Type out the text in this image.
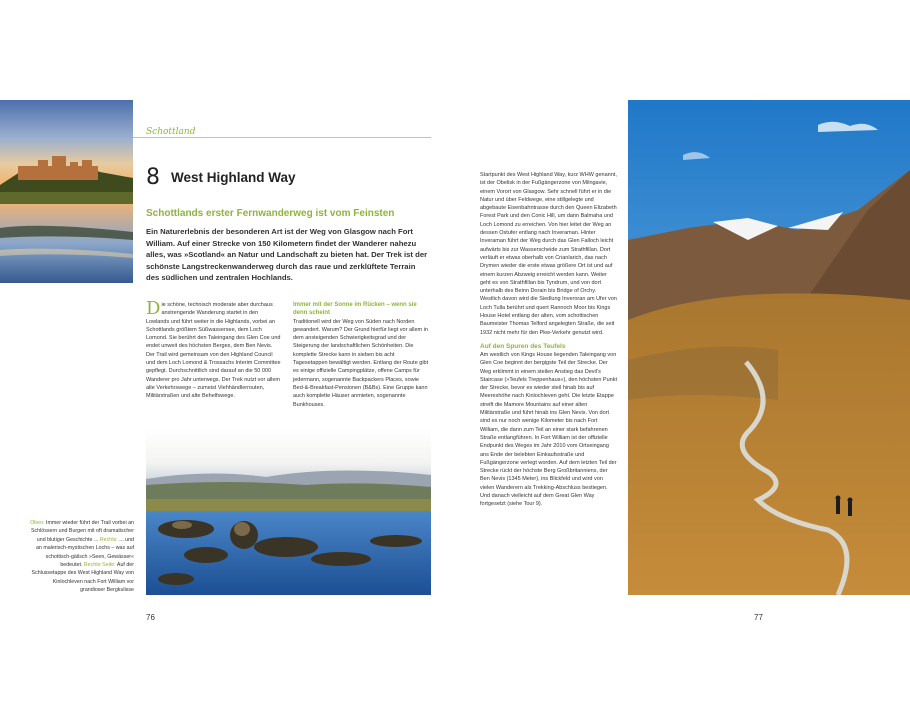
Schottland
8 West Highland Way
Schottlands erster Fernwanderweg ist vom Feinsten
Ein Naturerlebnis der besonderen Art ist der Weg von Glasgow nach Fort William. Auf einer Strecke von 150 Kilometern findet der Wanderer nahezu alles, was »Scotland« an Natur und Landschaft zu bieten hat. Der Trek ist der schönste Langstreckenwanderweg durch das raue und zerklüftete Terrain des südlichen und zentralen Hochlands.
Die schöne, technisch moderate aber durchaus anstrengende Wanderung startet in den Lowlands und führt weiter in die Highlands, vorbei an Schottlands größtem Süßwassersee, dem Loch Lomond. Sie berührt den Taleingang des Glen Coe und endet unweit des höchsten Berges, dem Ben Nevis. Der Trail wird gemeinsam von den Highland Council und dem Loch Lomond & Trossachs Interim Committee gepflegt. Durchschnittlich sind darauf an die 50 000 Wanderer pro Jahr unterwegs. Der Trek nutzt vor allem alte Verkehrswege – zumeist Viehhändlerrouten, Militärstraßen und alte Behelfswege.
Immer mit der Sonne im Rücken – wenn sie denn scheint
Traditionell wird der Weg von Süden nach Norden gewandert. Warum? Der Grund hierfür liegt vor allem in dem ansteigenden Schwierigkeitsgrad und der Steigerung der landschaftlichen Schönheiten. Die komplette Strecke kann in sieben bis acht Tagesetappen bewältigt werden. Entlang der Route gibt es einige offizielle Campingplätze, offene Camps für jedermann, sogenannte Backpackers Places, sowie Bed-&-Breakfast-Pensionen (B&Bs). Eine Gruppe kann auch komplette Häuser anmieten, sogenannte Bunkhouses.
Oben: Immer wieder führt der Trail vorbei an Schlössern und Burgen mit oft dramatischer und blutiger Geschichte ... Rechts: ... und an malerisch-mystischen Lochs – was auf schottisch-gälisch »Seen, Gewässer« bedeutet. Rechte Seite: Auf der Schlussetappe des West Highland Way von Kinlochleven nach Fort William vor grandioser Bergkulisse
76
Startpunkt des West Highland Way, kurz WHW genannt, ist der Obelisk in der Fußgängerzone von Milngavie, einem Vorort von Glasgow. Sehr schnell führt er in die Natur und über Feldwege, eine stillgelegte und abgebaute Eisenbahntrasse durch den Queen Elizabeth Forest Park und den Conic Hill, um dann Balmaha und Loch Lomond zu erreichen. Von hier leitet der Weg an dessen Ostufer entlang nach Inveraman. Hinter Inveraman führt der Weg durch das Glen Falloch leicht aufwärts bis zur Wasserscheide zum Strathfillan. Dort verläuft er etwas oberhalb von Crianlarich, das nach Drymen wieder die erste etwas größere Ort ist und auf einem kurzen Abzweig erreicht werden kann. Weiter geht es von Strathfillan bis Tyndrum, und von dort unterhalb des Beinn Dorain bis Bridge of Orchy. Westlich davon wird die Siedlung Inveroran am Ufer von Loch Tulla berührt und quert Rannoch Moor bis Kings House Hotel entlang der alten, vom schottischen Baumeister Thomas Telford angelegten Straße, die seit 1932 nicht mehr für den Pkw-Verkehr genutzt wird.
Auf den Spuren des Teufels
Am westlich von Kings House liegenden Taleingang von Glen Coe beginnt der bergigste Teil der Strecke. Der Weg erklimmt in einem steilen Anstieg das Devil’s Staircase (»Teufels Treppenhaus«), den höchsten Punkt der Strecke, bevor es wieder steil hinab bis auf Meereshöhe nach Kinlochleven geht. Die letzte Etappe streift die Mamore Mountains auf einer alten Militärstraße und führt hinab ins Glen Nevis. Von dort sind es nur noch wenige Kilometer bis nach Fort William, die dann zum Teil an einer stark befahrenen Straße entlangführen. In Fort William ist der offizielle Endpunkt des Weges im Jahr 2010 vom Ortseingang ans Ende der belebten Einkaufsstraße und Fußgängerzone verlegt worden. Auf dem letzten Teil der Strecke rückt der höchste Berg Großbritanniens, der Ben Nevis (1345 Meter), ins Blickfeld und wird von vielen Wanderern als Trekking-Abschluss bestiegen. Und danach vielleicht auf dem Great Glen Way fortgesetzt (siehe Tour 9).
77
